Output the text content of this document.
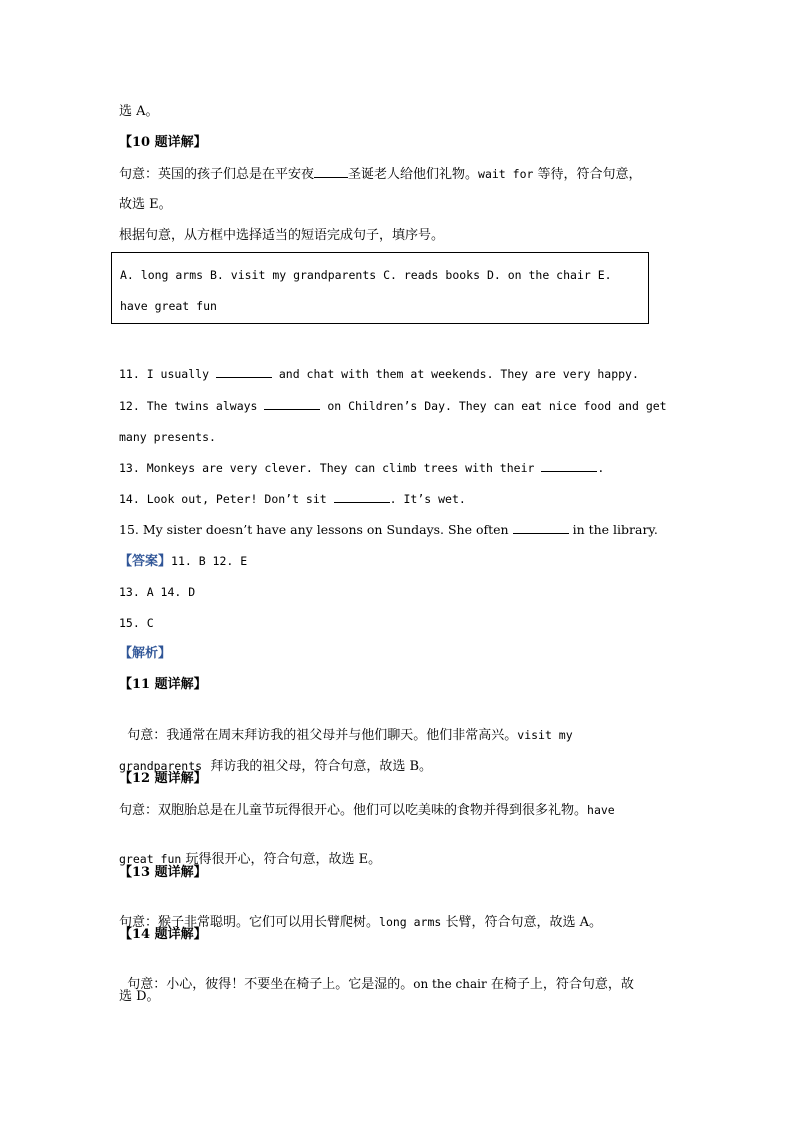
选 A。
【10 题详解】
句意：英国的孩子们总是在平安夜	圣诞老人给他们礼物。wait for 等待，符合句意，
故选 E。
根据句意，从方框中选择适当的短语完成句子，填序号。
A. long arms B. visit my grandparents C. reads books D. on the chair E.
have great fun
11. I usually	and chat with them at weekends. They are very happy.
12. The twins always	on Children’s Day. They can eat nice food and get
many presents.
13. Monkeys are very clever. They can climb trees with their	.
14. Look out, Peter! Don’t sit	. It’s wet.
15. My sister doesn’t have any lessons on Sundays. She often	in the library.
【答案】11. B 12. E
13. A 14. D
15. C
【解析】
【11 题详解】

句意：我通常在周末拜访我的祖父母并与他们聊天。他们非常高兴。visit my

grandparents  拜访我的祖父母，符合句意，故选 B。

【12 题详解】
句意：双胞胎总是在儿童节玩得很开心。他们可以吃美味的食物并得到很多礼物。have

great fun 玩得很开心，符合句意，故选 E。

【13 题详解】

句意：猴子非常聪明。它们可以用长臂爬树。long arms 长臂，符合句意，故选 A。

【14 题详解】

句意：小心，彼得！不要坐在椅子上。它是湿的。on the chair 在椅子上，符合句意，故

选 D。
